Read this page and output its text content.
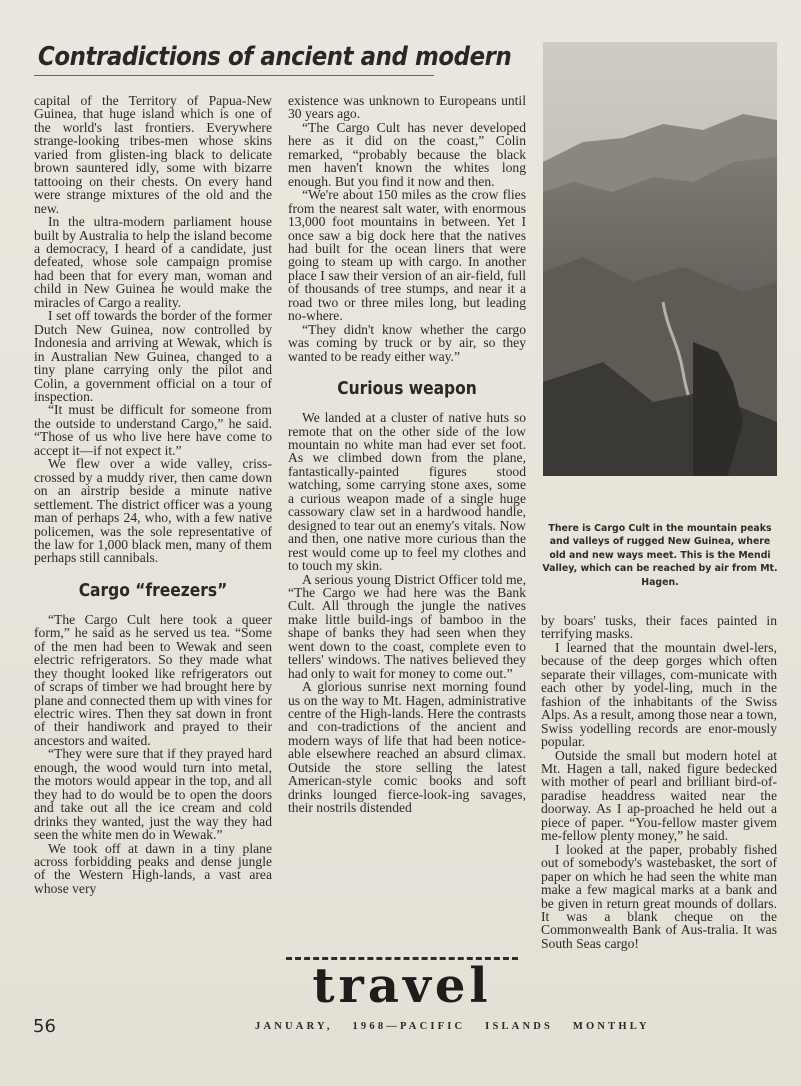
Contradictions of ancient and modern

capital of the Territory of Papua-New Guinea, that huge island which is one of the world's last frontiers. Everywhere strange-looking tribes-men whose skins varied from glisten-ing black to delicate brown sauntered idly, some with bizarre tattooing on their chests. On every hand were strange mixtures of the old and the new.

In the ultra-modern parliament house built by Australia to help the island become a democracy, I heard of a candidate, just defeated, whose sole campaign promise had been that for every man, woman and child in New Guinea he would make the miracles of Cargo a reality.

I set off towards the border of the former Dutch New Guinea, now controlled by Indonesia and arriving at Wewak, which is in Australian New Guinea, changed to a tiny plane carrying only the pilot and Colin, a government official on a tour of inspection.

“It must be difficult for someone from the outside to understand Cargo,” he said. “Those of us who live here have come to accept it—if not expect it.”

We flew over a wide valley, criss-crossed by a muddy river, then came down on an airstrip beside a minute native settlement. The district officer was a young man of perhaps 24, who, with a few native policemen, was the sole representative of the law for 1,000 black men, many of them perhaps still cannibals.

Cargo “freezers”

“The Cargo Cult here took a queer form,” he said as he served us tea. “Some of the men had been to Wewak and seen electric refrigerators. So they made what they thought looked like refrigerators out of scraps of timber we had brought here by plane and connected them up with vines for electric wires. Then they sat down in front of their handiwork and prayed to their ancestors and waited.

“They were sure that if they prayed hard enough, the wood would turn into metal, the motors would appear in the top, and all they had to do would be to open the doors and take out all the ice cream and cold drinks they wanted, just the way they had seen the white men do in Wewak.”

We took off at dawn in a tiny plane across forbidding peaks and dense jungle of the Western High-lands, a vast area whose very

existence was unknown to Europeans until 30 years ago.

“The Cargo Cult has never developed here as it did on the coast,” Colin remarked, “probably because the black men haven't known the whites long enough. But you find it now and then.

“We're about 150 miles as the crow flies from the nearest salt water, with enormous 13,000 foot mountains in between. Yet I once saw a big dock here that the natives had built for the ocean liners that were going to steam up with cargo. In another place I saw their version of an air-field, full of thousands of tree stumps, and near it a road two or three miles long, but leading no-where.

“They didn't know whether the cargo was coming by truck or by air, so they wanted to be ready either way.”

Curious weapon

We landed at a cluster of native huts so remote that on the other side of the low mountain no white man had ever set foot. As we climbed down from the plane, fantastically-painted figures stood watching, some carrying stone axes, some a curious weapon made of a single huge cassowary claw set in a hardwood handle, designed to tear out an enemy's vitals. Now and then, one native more curious than the rest would come up to feel my clothes and to touch my skin.

A serious young District Officer told me, “The Cargo we had here was the Bank Cult. All through the jungle the natives make little build-ings of bamboo in the shape of banks they had seen when they went down to the coast, complete even to tellers' windows. The natives believed they had only to wait for money to come out.”

A glorious sunrise next morning found us on the way to Mt. Hagen, administrative centre of the High-lands. Here the contrasts and con-tradictions of the ancient and modern ways of life that had been notice-able elsewhere reached an absurd climax. Outside the store selling the latest American-style comic books and soft drinks lounged fierce-look-ing savages, their nostrils distended

There is Cargo Cult in the mountain peaks and valleys of rugged New Guinea, where old and new ways meet. This is the Mendi Valley, which can be reached by air from Mt. Hagen.

by boars' tusks, their faces painted in terrifying masks.

I learned that the mountain dwel-lers, because of the deep gorges which often separate their villages, com-municate with each other by yodel-ling, much in the fashion of the inhabitants of the Swiss Alps. As a result, among those near a town, Swiss yodelling records are enor-mously popular.

Outside the small but modern hotel at Mt. Hagen a tall, naked figure bedecked with mother of pearl and brilliant bird-of-paradise headdress waited near the doorway. As I ap-proached he held out a piece of paper. “You-fellow master givem me-fellow plenty money,” he said.

I looked at the paper, probably fished out of somebody's wastebasket, the sort of paper on which he had seen the white man make a few magical marks at a bank and be given in return great mounds of dollars. It was a blank cheque on the Commonwealth Bank of Aus-tralia. It was South Seas cargo!

travel
56	JANUARY, 1968—PACIFIC ISLANDS MONTHLY
